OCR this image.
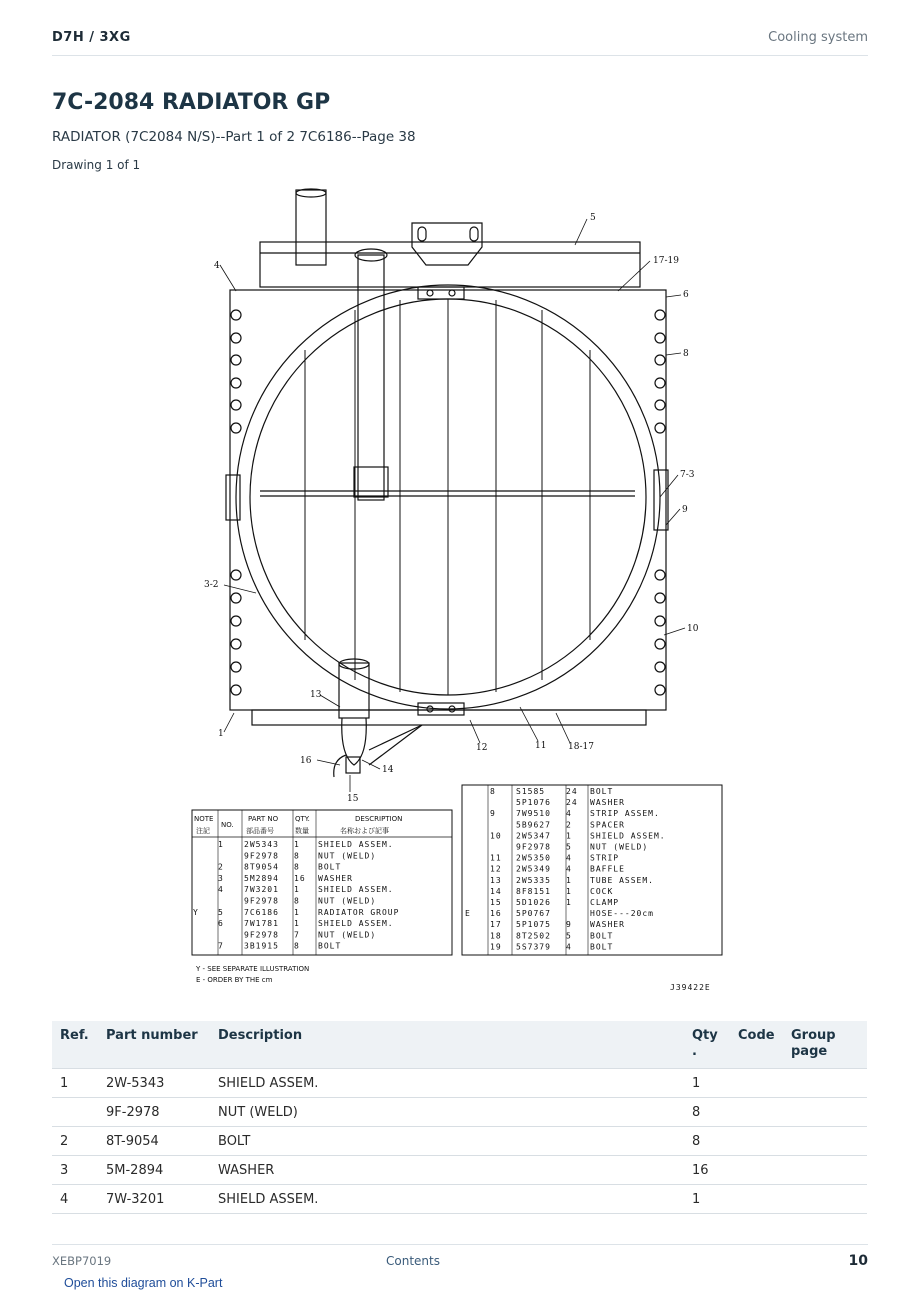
D7H / 3XG	Cooling system
7C-2084 RADIATOR GP
RADIATOR (7C2084 N/S)--Part 1 of 2 7C6186--Page 38
Drawing 1 of 1
5
17-19
4
6
8
7-3
9
3-2
10
13
1
12	11 18-17
16
14
15
NOTE
NO.
PART NO QTY.	DESCRIPTION
注記	部品番号	数量	名称および記事
1	2W5343 1 SHIELD ASSEM.
9F2978 8 NUT (WELD)
2	8T9054 8 BOLT
3	5M2894 16 WASHER
4	7W3201 1 SHIELD ASSEM.
9F2978 8 NUT (WELD)
Y 5	7C6186 1 RADIATOR GROUP
6	7W1781 1 SHIELD ASSEM.
9F2978 7 NUT (WELD)
7	3B1915 8 BOLT
8	S1585	24 BOLT
5P1076 24 WASHER
9	7W9510 4 STRIP ASSEM.
5B9627 2 SPACER
10 2W5347 1 SHIELD ASSEM.
9F2978 5 NUT (WELD)
11 2W5350 4 STRIP
12 2W5349 4 BAFFLE
13 2W5335 1 TUBE ASSEM.
14 8F8151 1 COCK
15 5D1026 1 CLAMP
E 16 5P0767	HOSE---20cm
17 5P1075 9 WASHER
18 8T2502 5 BOLT
19 5S7379 4 BOLT
Y - SEE SEPARATE ILLUSTRATION
E - ORDER BY THE cm
J39422E
Ref.	Part number	Description	Qty
.	Code	Group
page
1	2W-5343	SHIELD ASSEM.	1		
	9F-2978	NUT (WELD)	8		
2	8T-9054	BOLT	8		
3	5M-2894	WASHER	16		
4	7W-3201	SHIELD ASSEM.	1		
XEBP7019	Contents	10
Open this diagram on K-Part
